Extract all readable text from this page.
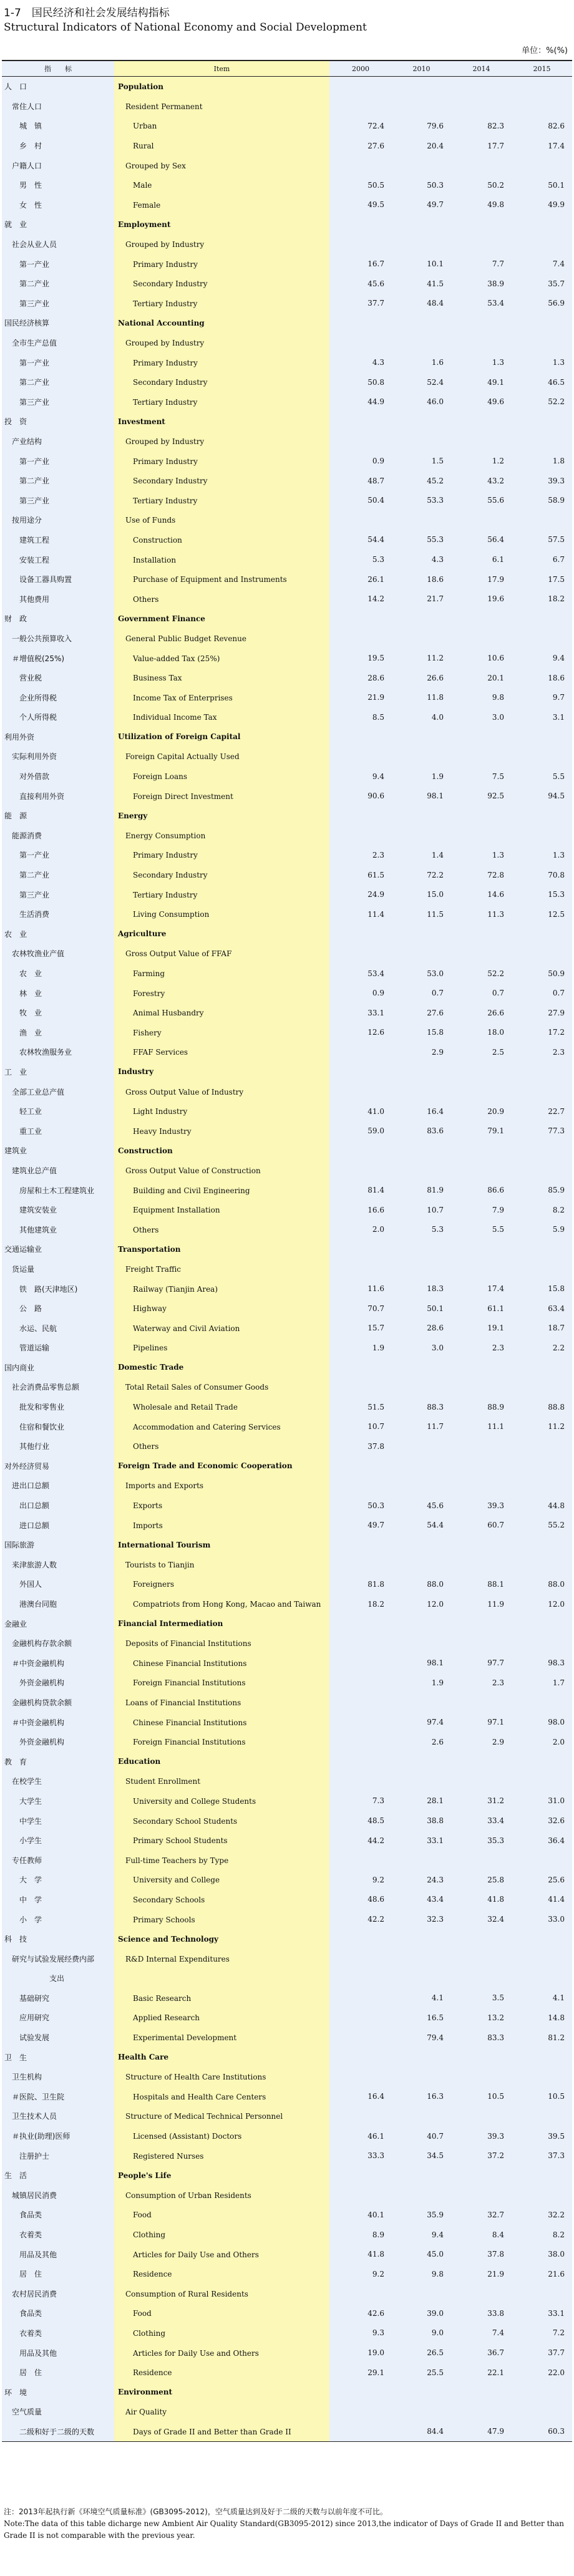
1-7　国民经济和社会发展结构指标
Structural Indicators of National Economy and Social Development
单位：%(%)
指　　标	Item	2000	2010	2014	2015
人　口	Population				
　常住人口	　Resident Permanent				
　　城　镇	　　Urban	72.4	79.6	82.3	82.6
　　乡　村	　　Rural	27.6	20.4	17.7	17.4
　户籍人口	　Grouped by Sex				
　　男　性	　　Male	50.5	50.3	50.2	50.1
　　女　性	　　Female	49.5	49.7	49.8	49.9
就　业	Employment				
　社会从业人员	　Grouped by Industry				
　　第一产业	　　Primary Industry	16.7	10.1	7.7	7.4
　　第二产业	　　Secondary Industry	45.6	41.5	38.9	35.7
　　第三产业	　　Tertiary Industry	37.7	48.4	53.4	56.9
国民经济核算	National Accounting				
　全市生产总值	　Grouped by Industry				
　　第一产业	　　Primary Industry	4.3	1.6	1.3	1.3
　　第二产业	　　Secondary Industry	50.8	52.4	49.1	46.5
　　第三产业	　　Tertiary Industry	44.9	46.0	49.6	52.2
投　资	Investment				
　产业结构	　Grouped by Industry				
　　第一产业	　　Primary Industry	0.9	1.5	1.2	1.8
　　第二产业	　　Secondary Industry	48.7	45.2	43.2	39.3
　　第三产业	　　Tertiary Industry	50.4	53.3	55.6	58.9
　按用途分	　Use of Funds				
　　建筑工程	　　Construction	54.4	55.3	56.4	57.5
　　安装工程	　　Installation	5.3	4.3	6.1	6.7
　　设备工器具购置	　　Purchase of Equipment and Instruments	26.1	18.6	17.9	17.5
　　其他费用	　　Others	14.2	21.7	19.6	18.2
财　政	Government Finance				
　一般公共预算收入	　General Public Budget Revenue				
　＃增值税(25%)	　　Value-added Tax (25%)	19.5	11.2	10.6	9.4
　　营业税	　　Business Tax	28.6	26.6	20.1	18.6
　　企业所得税	　　Income Tax of Enterprises	21.9	11.8	9.8	9.7
　　个人所得税	　　Individual Income Tax	8.5	4.0	3.0	3.1
利用外资	Utilization of Foreign Capital				
　实际利用外资	　Foreign Capital Actually Used				
　　对外借款	　　Foreign Loans	9.4	1.9	7.5	5.5
　　直接利用外资	　　Foreign Direct Investment	90.6	98.1	92.5	94.5
能　源	Energy				
　能源消费	　Energy Consumption				
　　第一产业	　　Primary Industry	2.3	1.4	1.3	1.3
　　第二产业	　　Secondary Industry	61.5	72.2	72.8	70.8
　　第三产业	　　Tertiary Industry	24.9	15.0	14.6	15.3
　　生活消费	　　Living Consumption	11.4	11.5	11.3	12.5
农　业	Agriculture				
　农林牧渔业产值	　Gross Output Value of FFAF				
　　农　业	　　Farming	53.4	53.0	52.2	50.9
　　林　业	　　Forestry	0.9	0.7	0.7	0.7
　　牧　业	　　Animal Husbandry	33.1	27.6	26.6	27.9
　　渔　业	　　Fishery	12.6	15.8	18.0	17.2
　　农林牧渔服务业	　　FFAF Services		2.9	2.5	2.3
工　业	Industry				
　全部工业总产值	　Gross Output Value of Industry				
　　轻工业	　　Light Industry	41.0	16.4	20.9	22.7
　　重工业	　　Heavy Industry	59.0	83.6	79.1	77.3
建筑业	Construction				
　建筑业总产值	　Gross Output Value of Construction				
　　房屋和土木工程建筑业	　　Building and Civil Engineering	81.4	81.9	86.6	85.9
　　建筑安装业	　　Equipment Installation	16.6	10.7	7.9	8.2
　　其他建筑业	　　Others	2.0	5.3	5.5	5.9
交通运输业	Transportation				
　货运量	　Freight Traffic				
　　铁　路(天津地区)	　　Railway (Tianjin Area)	11.6	18.3	17.4	15.8
　　公　路	　　Highway	70.7	50.1	61.1	63.4
　　水运、民航	　　Waterway and Civil Aviation	15.7	28.6	19.1	18.7
　　管道运输	　　Pipelines	1.9	3.0	2.3	2.2
国内商业	Domestic Trade				
　社会消费品零售总额	　Total Retail Sales of Consumer Goods				
　　批发和零售业	　　Wholesale and Retail Trade	51.5	88.3	88.9	88.8
　　住宿和餐饮业	　　Accommodation and Catering Services	10.7	11.7	11.1	11.2
　　其他行业	　　Others	37.8			
对外经济贸易	Foreign Trade and Economic Cooperation				
　进出口总额	　Imports and Exports				
　　出口总额	　　Exports	50.3	45.6	39.3	44.8
　　进口总额	　　Imports	49.7	54.4	60.7	55.2
国际旅游	International Tourism				
　来津旅游人数	　Tourists to Tianjin				
　　外国人	　　Foreigners	81.8	88.0	88.1	88.0
　　港澳台同胞	　　Compatriots from Hong Kong, Macao and Taiwan	18.2	12.0	11.9	12.0
金融业	Financial Intermediation				
　金融机构存款余额	　Deposits of Financial Institutions				
　＃中资金融机构	　　Chinese Financial Institutions		98.1	97.7	98.3
　　外资金融机构	　　Foreign Financial Institutions		1.9	2.3	1.7
　金融机构贷款余额	　Loans of Financial Institutions				
　＃中资金融机构	　　Chinese Financial Institutions		97.4	97.1	98.0
　　外资金融机构	　　Foreign Financial Institutions		2.6	2.9	2.0
教　育	Education				
　在校学生	　Student Enrollment				
　　大学生	　　University and College Students	7.3	28.1	31.2	31.0
　　中学生	　　Secondary School Students	48.5	38.8	33.4	32.6
　　小学生	　　Primary School Students	44.2	33.1	35.3	36.4
　专任教师	　Full-time Teachers by Type				
　　大　学	　　University and College	9.2	24.3	25.8	25.6
　　中　学	　　Secondary Schools	48.6	43.4	41.8	41.4
　　小　学	　　Primary Schools	42.2	32.3	32.4	33.0
科　技	Science and Technology				
　研究与试验发展经费内部	　R&D Internal Expenditures				
　　　　　　支出					
　　基础研究	　　Basic Research		4.1	3.5	4.1
　　应用研究	　　Applied Research		16.5	13.2	14.8
　　试验发展	　　Experimental Development		79.4	83.3	81.2
卫　生	Health Care				
　卫生机构	　Structure of Health Care Institutions				
　＃医院、卫生院	　　Hospitals and Health Care Centers	16.4	16.3	10.5	10.5
　卫生技术人员	　Structure of Medical Technical Personnel				
　＃执业(助理)医师	　　Licensed (Assistant) Doctors	46.1	40.7	39.3	39.5
　　注册护士	　　Registered Nurses	33.3	34.5	37.2	37.3
生　活	People's Life				
　城镇居民消费	　Consumption of Urban Residents				
　　食品类	　　Food	40.1	35.9	32.7	32.2
　　衣着类	　　Clothing	8.9	9.4	8.4	8.2
　　用品及其他	　　Articles for Daily Use and Others	41.8	45.0	37.8	38.0
　　居　住	　　Residence	9.2	9.8	21.9	21.6
　农村居民消费	　Consumption of Rural Residents				
　　食品类	　　Food	42.6	39.0	33.8	33.1
　　衣着类	　　Clothing	9.3	9.0	7.4	7.2
　　用品及其他	　　Articles for Daily Use and Others	19.0	26.5	36.7	37.7
　　居　住	　　Residence	29.1	25.5	22.1	22.0
环　境	Environment				
　空气质量	　Air Quality				
　　二级和好于二级的天数	　　Days of Grade II and Better than Grade II		84.4	47.9	60.3
注：2013年起执行新《环境空气质量标准》(GB3095-2012)，空气质量达到及好于二级的天数与以前年度不可比。
Note:The data of this table dicharge new Ambient Air Quality Standard(GB3095-2012) since 2013,the indicator of Days of Grade II and Better than Grade II is not comparable with the previous year.
